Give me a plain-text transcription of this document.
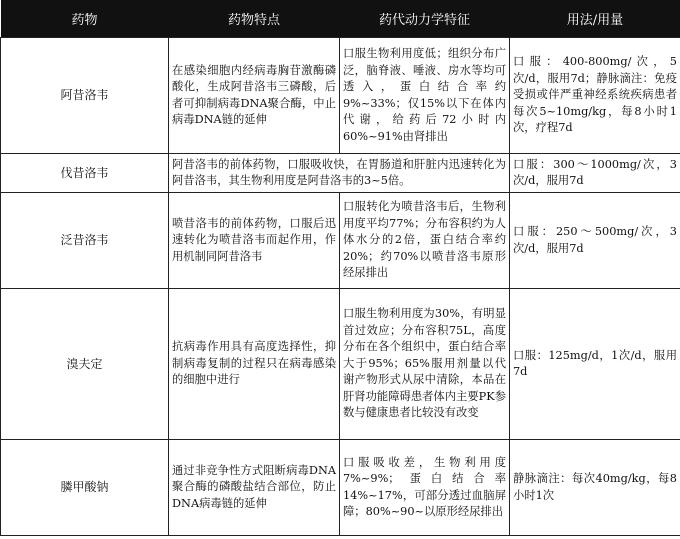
药物	药物特点	药代动力学特征	用法/用量
阿昔洛韦	在感染细胞内经病毒胸苷激酶磷酸化，生成阿昔洛韦三磷酸，后者可抑制病毒DNA聚合酶，中止病毒DNA链的延伸	口服生物利用度低；组织分布广泛，脑脊液、唾液、房水等均可透入，蛋白结合率约9%~33%；仅15%以下在体内代谢，给药后72小时内60%~91%由肾排出	口服：400-800mg/次，5次/d，服用7d；静脉滴注：免疫受损或伴严重神经系统疾病患者每次5~10mg/kg，每8小时1次，疗程7d
伐昔洛韦	阿昔洛韦的前体药物，口服吸收快，在胃肠道和肝脏内迅速转化为阿昔洛韦，其生物利用度是阿昔洛韦的3~5倍。		口服：300～1000mg/次，3次/d，服用7d
泛昔洛韦	喷昔洛韦的前体药物，口服后迅速转化为喷昔洛韦而起作用，作用机制同阿昔洛韦	口服转化为喷昔洛韦后，生物利用度平均77%；分布容积约为人体水分的2倍，蛋白结合率约20%；约70%以喷昔洛韦原形经尿排出	口服：250～500mg/次，3次/d，服用7d
溴夫定	抗病毒作用具有高度选择性，抑制病毒复制的过程只在病毒感染的细胞中进行	口服生物利用度为30%，有明显首过效应；分布容积75L，高度分布在各个组织中，蛋白结合率大于95%；65%服用剂量以代谢产物形式从尿中清除，本品在肝肾功能障碍患者体内主要PK参数与健康患者比较没有改变	口服：125mg/d，1次/d，服用7d
膦甲酸钠	通过非竞争性方式阻断病毒DNA聚合酶的磷酸盐结合部位，防止DNA病毒链的延伸	口服吸收差，生物利用度7%~9%；蛋白结合率14%~17%，可部分透过血脑屏障；80%~90~以原形经尿排出	静脉滴注：每次40mg/kg，每8小时1次
